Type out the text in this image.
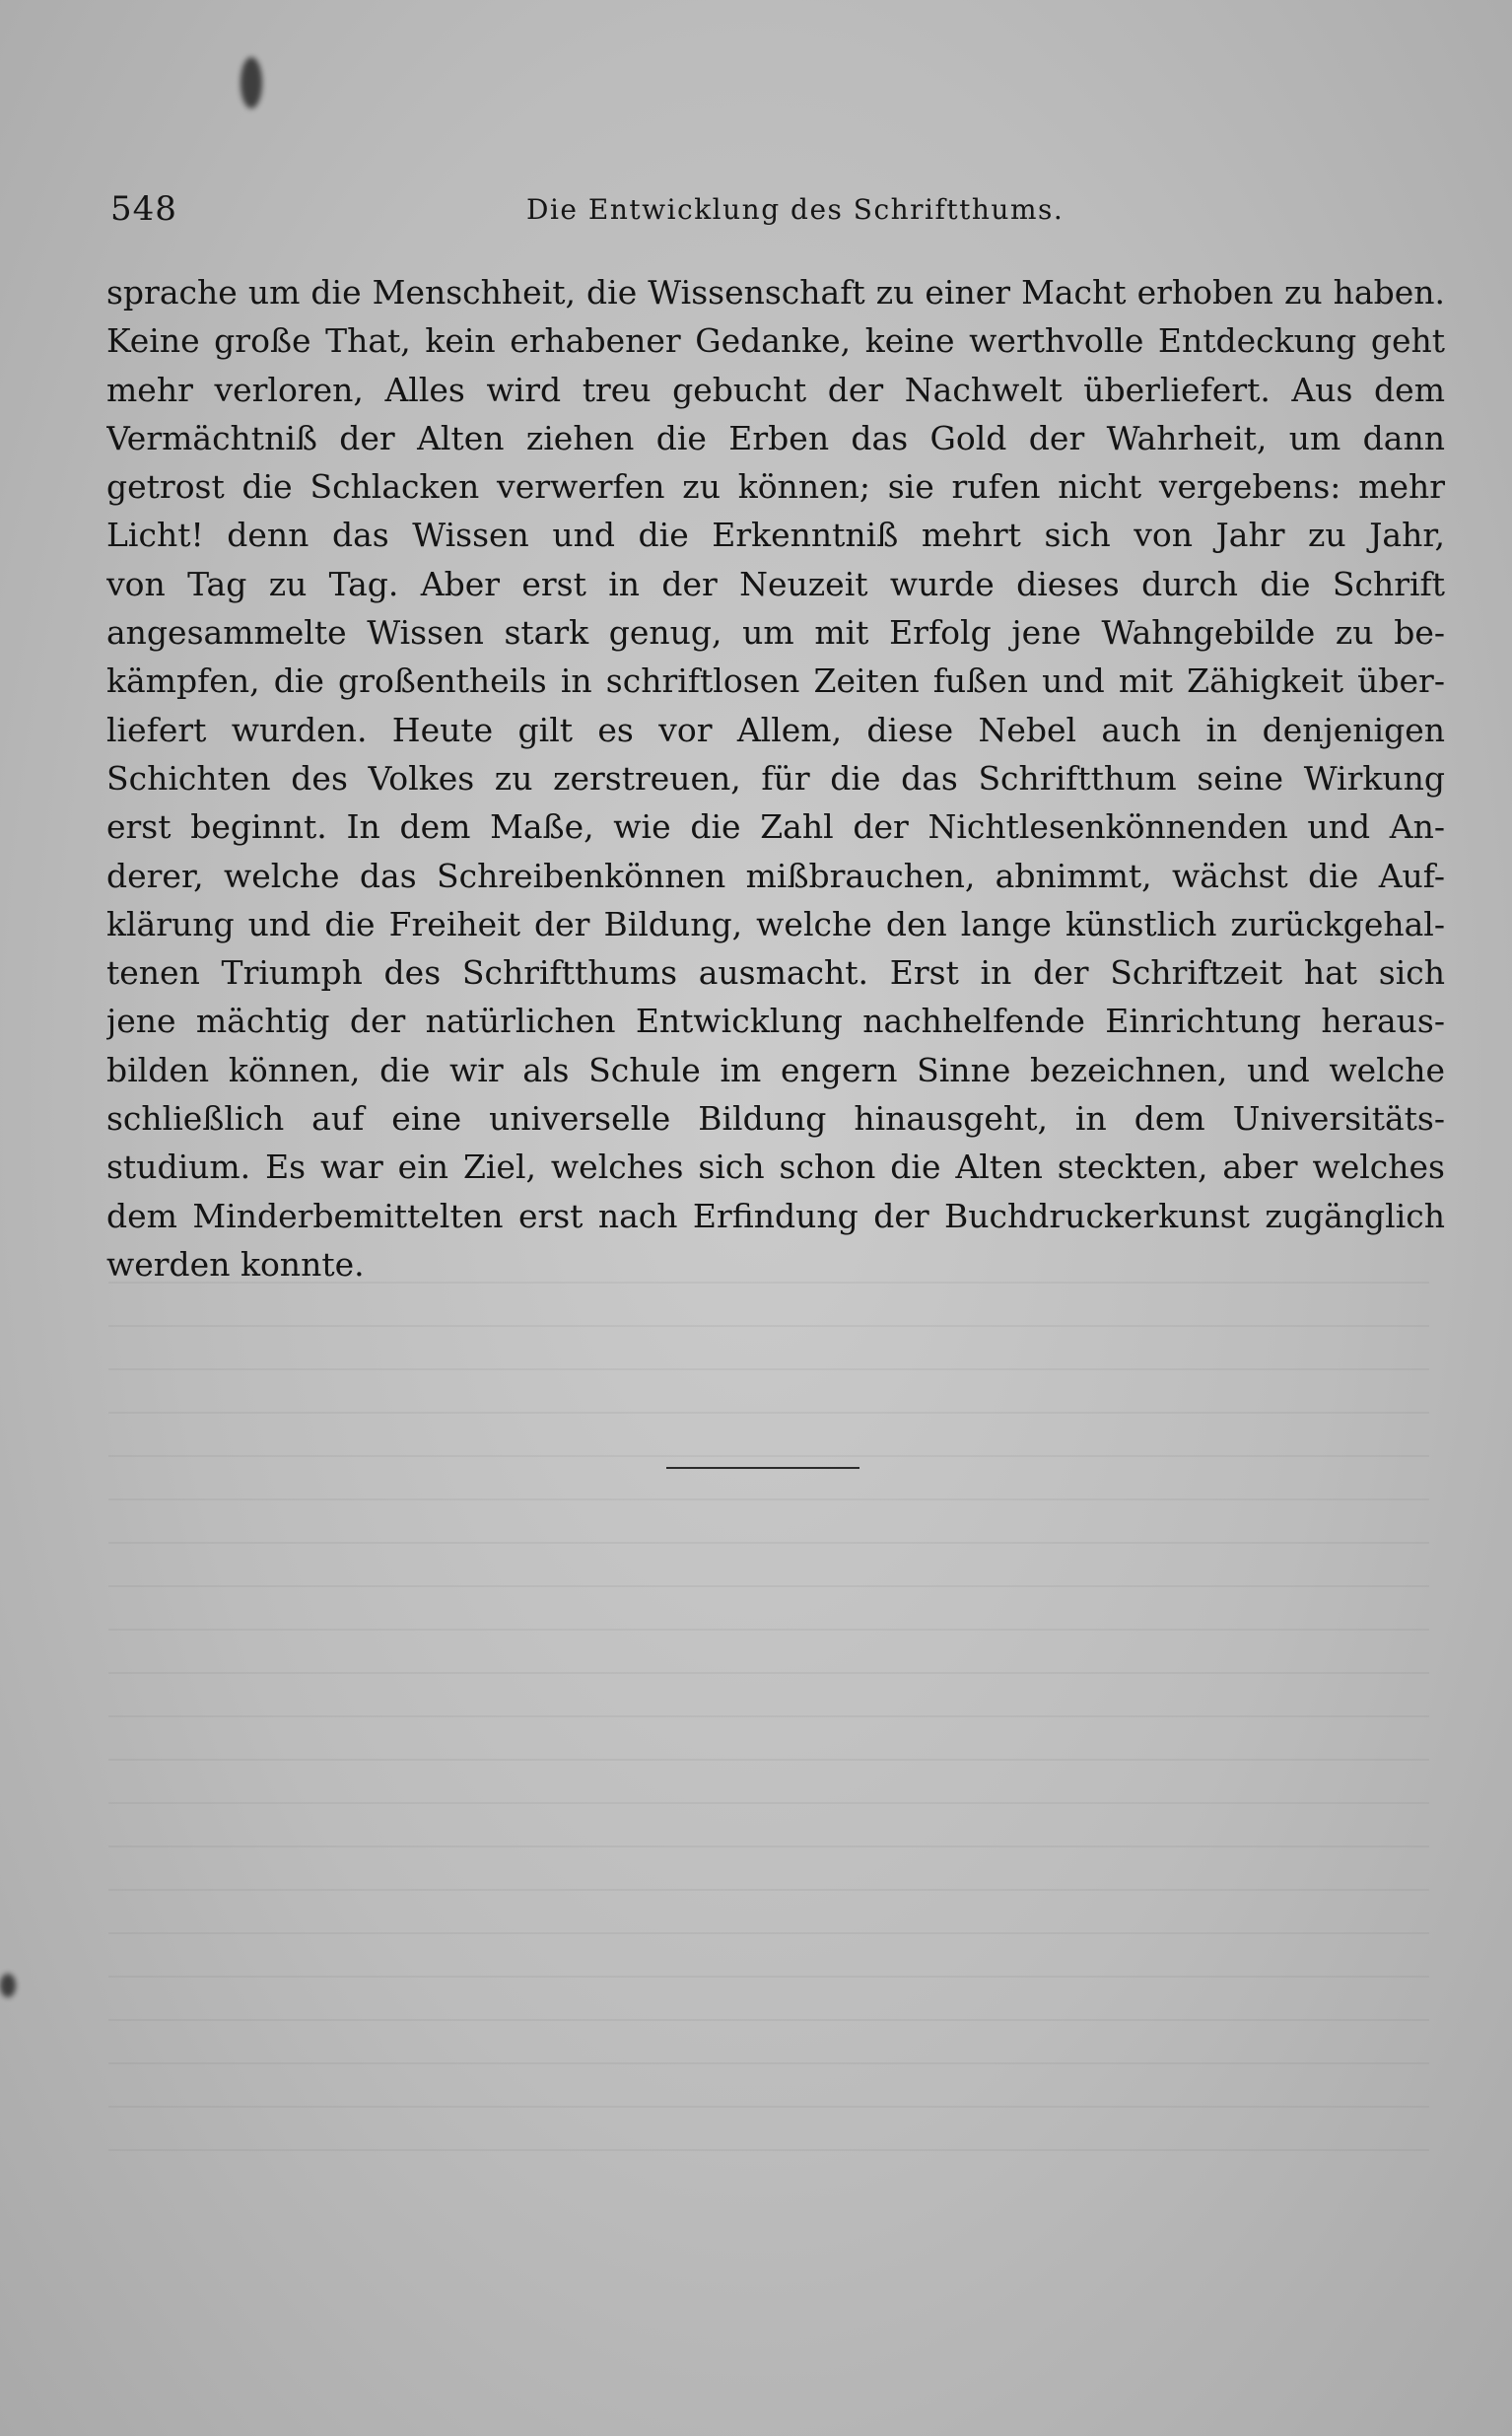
548	Die Entwicklung des Schriftthums.
sprache um die Menschheit, die Wissenschaft zu einer Macht erhoben zu haben.
Keine große That, kein erhabener Gedanke, keine werthvolle Entdeckung geht
mehr verloren, Alles wird treu gebucht der Nachwelt überliefert. Aus dem
Vermächtniß der Alten ziehen die Erben das Gold der Wahrheit, um dann
getrost die Schlacken verwerfen zu können; sie rufen nicht vergebens: mehr
Licht! denn das Wissen und die Erkenntniß mehrt sich von Jahr zu Jahr,
von Tag zu Tag. Aber erst in der Neuzeit wurde dieses durch die Schrift
angesammelte Wissen stark genug, um mit Erfolg jene Wahngebilde zu be-
kämpfen, die großentheils in schriftlosen Zeiten fußen und mit Zähigkeit über-
liefert wurden. Heute gilt es vor Allem, diese Nebel auch in denjenigen
Schichten des Volkes zu zerstreuen, für die das Schriftthum seine Wirkung
erst beginnt. In dem Maße, wie die Zahl der Nichtlesenkönnenden und An-
derer, welche das Schreibenkönnen mißbrauchen, abnimmt, wächst die Auf-
klärung und die Freiheit der Bildung, welche den lange künstlich zurückgehal-
tenen Triumph des Schriftthums ausmacht. Erst in der Schriftzeit hat sich
jene mächtig der natürlichen Entwicklung nachhelfende Einrichtung heraus-
bilden können, die wir als Schule im engern Sinne bezeichnen, und welche
schließlich auf eine universelle Bildung hinausgeht, in dem Universitäts-
studium. Es war ein Ziel, welches sich schon die Alten steckten, aber welches
dem Minderbemittelten erst nach Erfindung der Buchdruckerkunst zugänglich
werden konnte.
